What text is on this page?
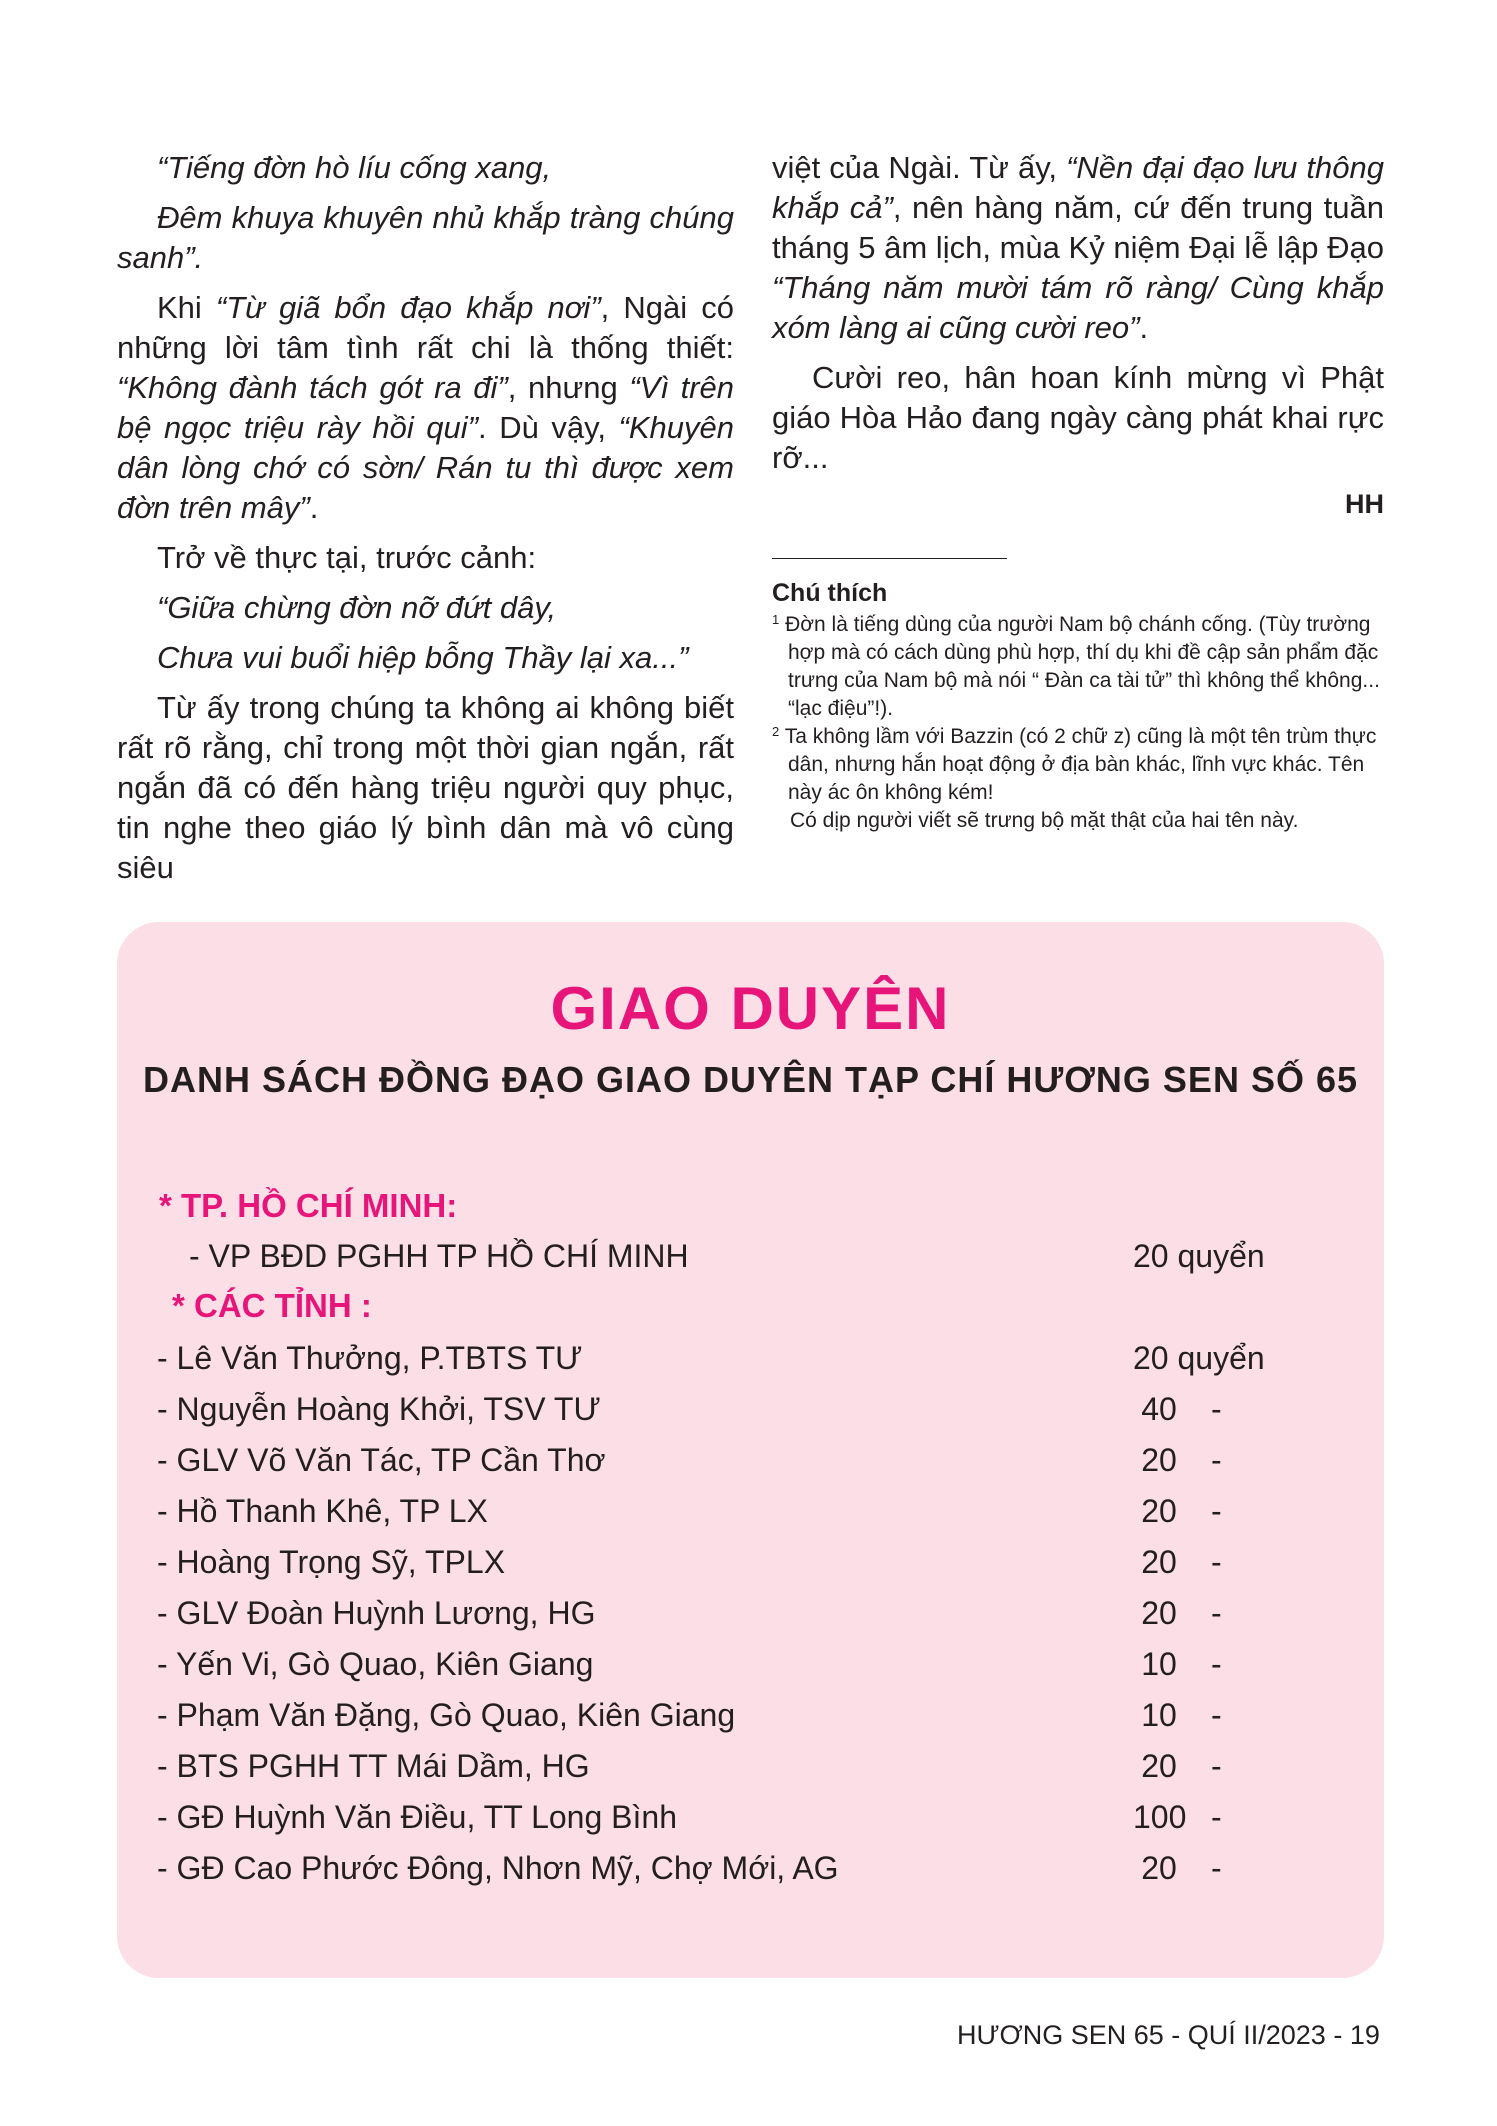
“Tiếng đờn hò líu cống xang,

Đêm khuya khuyên nhủ khắp tràng chúng sanh”.

Khi “Từ giã bổn đạo khắp nơi”, Ngài có những lời tâm tình rất chi là thống thiết: “Không đành tách gót ra đi”, nhưng “Vì trên bệ ngọc triệu rày hồi qui”. Dù vậy, “Khuyên dân lòng chớ có sờn/ Rán tu thì được xem đờn trên mây”.

Trở về thực tại, trước cảnh:

“Giữa chừng đờn nỡ đứt dây,

Chưa vui buổi hiệp bỗng Thầy lại xa...”

Từ ấy trong chúng ta không ai không biết rất rõ rằng, chỉ trong một thời gian ngắn, rất ngắn đã có đến hàng triệu người quy phục, tin nghe theo giáo lý bình dân mà vô cùng siêu

việt của Ngài. Từ ấy, “Nền đại đạo lưu thông khắp cả”, nên hàng năm, cứ đến trung tuần tháng 5 âm lịch, mùa Kỷ niệm Đại lễ lập Đạo “Tháng năm mười tám rõ ràng/ Cùng khắp xóm làng ai cũng cười reo”.

Cười reo, hân hoan kính mừng vì Phật giáo Hòa Hảo đang ngày càng phát khai rực rỡ...

HH

Chú thích

$^1$ Đờn là tiếng dùng của người Nam bộ chánh cống. (Tùy trường hợp mà có cách dùng phù hợp, thí dụ khi đề cập sản phẩm đặc trưng của Nam bộ mà nói “ Đàn ca tài tử” thì không thể không... “lạc điệu”!).

$^2$ Ta không lầm với Bazzin (có 2 chữ z) cũng là một tên trùm thực dân, nhưng hắn hoạt động ở địa bàn khác, lĩnh vực khác. Tên này ác ôn không kém!

Có dịp người viết sẽ trưng bộ mặt thật của hai tên này.

GIAO DUYÊN
DANH SÁCH ĐỒNG ĐẠO GIAO DUYÊN TẠP CHÍ HƯƠNG SEN SỐ 65
* TP. HỒ CHÍ MINH:
- VP BĐD PGHH TP HỒ CHÍ MINH	20 quyển
* CÁC TỈNH :
- Lê Văn Thưởng, P.TBTS TƯ	20 quyển
- Nguyễn Hoàng Khởi, TSV TƯ	40 -
- GLV Võ Văn Tác, TP Cần Thơ	20 -
- Hồ Thanh Khê, TP LX	20 -
- Hoàng Trọng Sỹ, TPLX	20 -
- GLV Đoàn Huỳnh Lương, HG	20 -
- Yến Vi, Gò Quao, Kiên Giang	10 -
- Phạm Văn Đặng, Gò Quao, Kiên Giang	10 -
- BTS PGHH TT Mái Dầm, HG	20 -
- GĐ Huỳnh Văn Điều, TT Long Bình	100 -
- GĐ Cao Phước Đông, Nhơn Mỹ, Chợ Mới, AG	20 -
HƯƠNG SEN 65 - QUÍ II/2023 - 19
